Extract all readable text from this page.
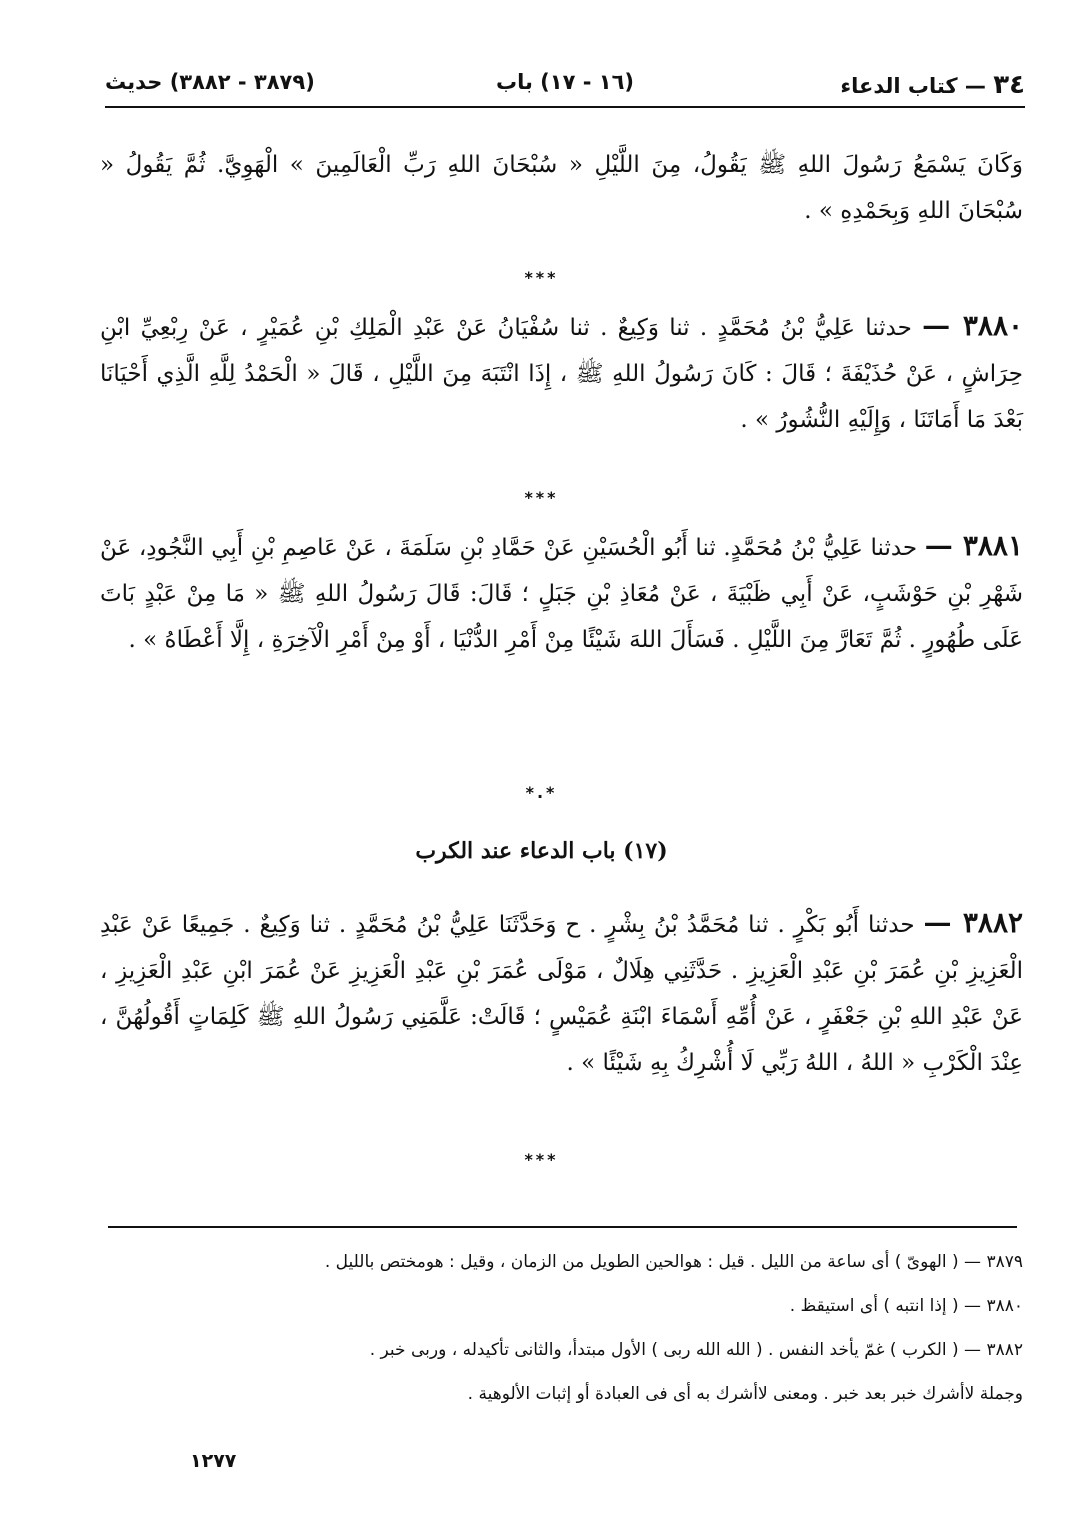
٣٤ — كتاب الدعاء
(١٦ - ١٧) باب
(٣٨٧٩ - ٣٨٨٢) حديث
وَكَانَ يَسْمَعُ رَسُولَ اللهِ ﷺ يَقُولُ، مِنَ اللَّيْلِ « سُبْحَانَ اللهِ رَبِّ الْعَالَمِينَ » الْهَوِيَّ. ثُمَّ يَقُولُ « سُبْحَانَ اللهِ وَبِحَمْدِهِ » .
***
٣٨٨٠ — حدثنا عَلِيُّ بْنُ مُحَمَّدٍ . ثنا وَكِيعٌ . ثنا سُفْيَانُ عَنْ عَبْدِ الْمَلِكِ بْنِ عُمَيْرٍ ، عَنْ رِبْعِيِّ ابْنِ حِرَاشٍ ، عَنْ حُذَيْفَةَ ؛ قَالَ : كَانَ رَسُولُ اللهِ ﷺ ، إِذَا انْتَبَهَ مِنَ اللَّيْلِ ، قَالَ « الْحَمْدُ لِلَّهِ الَّذِي أَحْيَانَا بَعْدَ مَا أَمَاتَنَا ، وَإِلَيْهِ النُّشُورُ » .
***
٣٨٨١ — حدثنا عَلِيُّ بْنُ مُحَمَّدٍ. ثنا أَبُو الْحُسَيْنِ عَنْ حَمَّادِ بْنِ سَلَمَةَ ، عَنْ عَاصِمِ بْنِ أَبِي النَّجُودِ، عَنْ شَهْرِ بْنِ حَوْشَبٍ، عَنْ أَبِي ظَبْيَةَ ، عَنْ مُعَاذِ بْنِ جَبَلٍ ؛ قَالَ: قَالَ رَسُولُ اللهِ ﷺ « مَا مِنْ عَبْدٍ بَاتَ عَلَى طُهُورٍ . ثُمَّ تَعَارَّ مِنَ اللَّيْلِ . فَسَأَلَ اللهَ شَيْئًا مِنْ أَمْرِ الدُّنْيَا ، أَوْ مِنْ أَمْرِ الْآخِرَةِ ، إِلَّا أَعْطَاهُ » .
*.*
(١٧) باب الدعاء عند الكرب
٣٨٨٢ — حدثنا أَبُو بَكْرٍ . ثنا مُحَمَّدُ بْنُ بِشْرٍ . ح وَحَدَّثَنَا عَلِيُّ بْنُ مُحَمَّدٍ . ثنا وَكِيعٌ . جَمِيعًا عَنْ عَبْدِ الْعَزِيزِ بْنِ عُمَرَ بْنِ عَبْدِ الْعَزِيزِ . حَدَّثَنِي هِلَالٌ ، مَوْلَى عُمَرَ بْنِ عَبْدِ الْعَزِيزِ عَنْ عُمَرَ ابْنِ عَبْدِ الْعَزِيزِ ، عَنْ عَبْدِ اللهِ بْنِ جَعْفَرٍ ، عَنْ أُمِّهِ أَسْمَاءَ ابْنَةِ عُمَيْسٍ ؛ قَالَتْ: عَلَّمَنِي رَسُولُ اللهِ ﷺ كَلِمَاتٍ أَقُولُهُنَّ ، عِنْدَ الْكَرْبِ « اللهُ ، اللهُ رَبِّي لَا أُشْرِكُ بِهِ شَيْئًا » .
***

٣٨٧٩ — ( الهوىّ ) أى ساعة من الليل . قيل : هوالحين الطويل من الزمان ، وقيل : هومختص بالليل .

٣٨٨٠ — ( إذا انتبه ) أى استيقظ .

٣٨٨٢ — ( الكرب ) غمّ يأخد النفس . ( الله الله ربى ) الأول مبتدأ، والثانى تأكيدله ، وربى خبر .

وجملة لاأشرك خبر بعد خبر . ومعنى لاأشرك به أى فى العبادة أو إثبات الألوهية .

١٢٧٧
